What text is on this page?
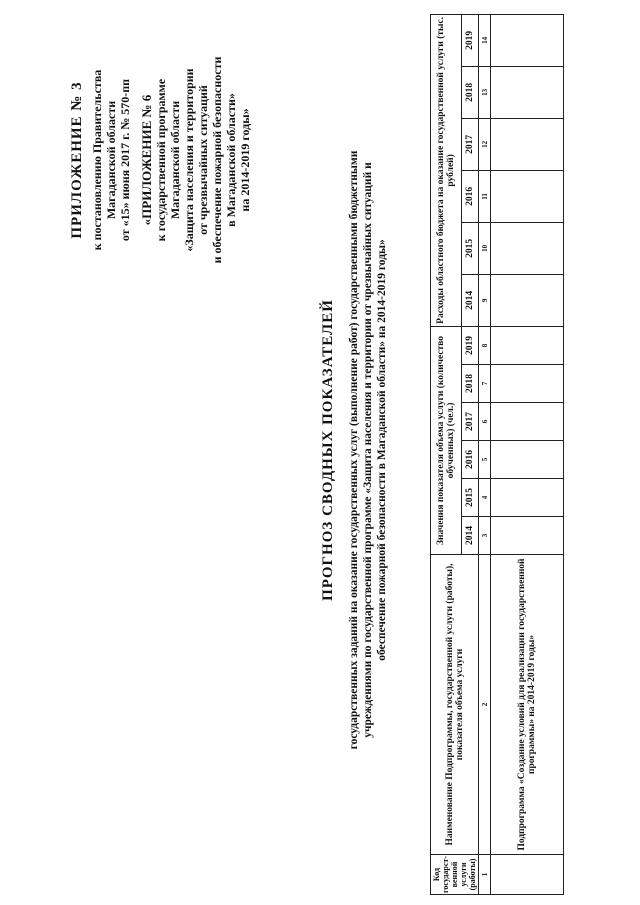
ПРИЛОЖЕНИЕ № 3 к постановлению Правительства Магаданской области от «15» июня 2017 г. № 570-пп «ПРИЛОЖЕНИЕ № 6 к государственной программе Магаданской области «Защита населения и территории от чрезвычайных ситуаций и обеспечение пожарной безопасности в Магаданской области» на 2014-2019 годы»
ПРОГНОЗ СВОДНЫХ ПОКАЗАТЕЛЕЙ государственных заданий на оказание государственных услуг (выполнение работ) государственными бюджетными учреждениями по государственной программе «Защита населения и территории от чрезвычайных ситуаций и обеспечение пожарной безопасности в Магаданской области» на 2014-2019 годы»
Код государст-венной услуги (работы)	Наименование Подпрограммы, государственной услуги (работы), показателя объема услуги	Значения показателя объема услуги (количество обученных) (чел.)						Расходы областного бюджета на оказание государственной услуги (тыс. рублей)					
		2014	2015	2016	2017	2018	2019	2014	2015	2016	2017	2018	2019
1	2	3	4	5	6	7	8	9	10	11	12	13	14
	Подпрограмма «Создание условий для реализации государственной программы» на 2014-2019 годы»												
